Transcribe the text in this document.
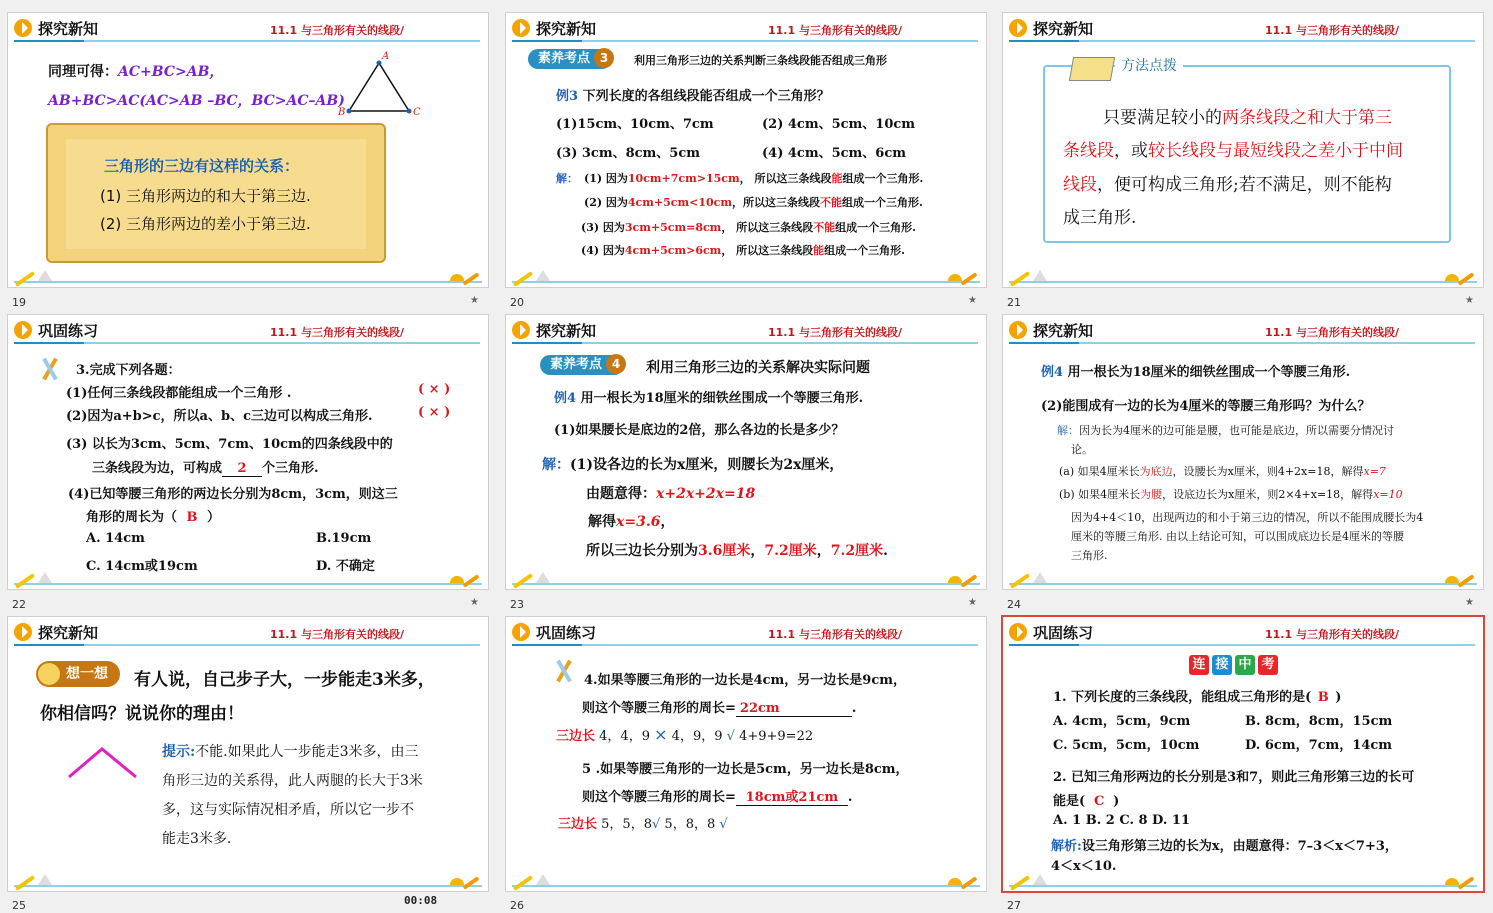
探究新知	11.1 与三角形有关的线段/
同理可得：AC+BC>AB，
AB+BC>AC(AC>AB –BC，BC>AC–AB)
A
B	C
三角形的三边有这样的关系：
(1) 三角形两边的和大于第三边.
(2) 三角形两边的差小于第三边.
19	★
探究新知	11.1 与三角形有关的线段/
素养考点 3	利用三角形三边的关系判断三条线段能否组成三角形
例3 下列长度的各组线段能否组成一个三角形？
(1)15cm、10cm、7cm	(2) 4cm、5cm、10cm
(3) 3cm、8cm、5cm	(4) 4cm、5cm、6cm
解： (1) 因为10cm+7cm>15cm， 所以这三条线段能组成一个三角形.
(2) 因为4cm+5cm<10cm，所以这三条线段不能组成一个三角形.
(3) 因为3cm+5cm=8cm， 所以这三条线段不能组成一个三角形.
(4) 因为4cm+5cm>6cm， 所以这三条线段能组成一个三角形.
20	★
探究新知	11.1 与三角形有关的线段/
方法点拨
只要满足较小的两条线段之和大于第三
条线段，或较长线段与最短线段之差小于中间
线段，便可构成三角形;若不满足，则不能构
成三角形.
21	★
巩固练习	11.1 与三角形有关的线段/
3.完成下列各题：
(1)任何三条线段都能组成一个三角形 .	( × )
(2)因为a+b>c，所以a、b、c三边可以构成三角形.	( × )
(3) 以长为3cm、5cm、7cm、10cm的四条线段中的
三条线段为边，可构成 2 个三角形.
(4)已知等腰三角形的两边长分别为8cm，3cm，则这三
角形的周长为（ B ）
A. 14cm	B.19cm
C. 14cm或19cm	D. 不确定
22	★
探究新知	11.1 与三角形有关的线段/
素养考点 4	利用三角形三边的关系解决实际问题
例4 用一根长为18厘米的细铁丝围成一个等腰三角形.
(1)如果腰长是底边的2倍，那么各边的长是多少？
解：(1)设各边的长为x厘米，则腰长为2x厘米，
由题意得：x+2x+2x=18
解得x=3.6，
所以三边长分别为3.6厘米，7.2厘米，7.2厘米.
23	★
探究新知	11.1 与三角形有关的线段/
例4 用一根长为18厘米的细铁丝围成一个等腰三角形.
(2)能围成有一边的长为4厘米的等腰三角形吗？为什么？
解：因为长为4厘米的边可能是腰，也可能是底边，所以需要分情况讨
论。
(a) 如果4厘米长为底边，设腰长为x厘米，则4+2x=18，解得x=7
(b) 如果4厘米长为腰，设底边长为x厘米，则2×4+x=18，解得x=10
因为4+4＜10，出现两边的和小于第三边的情况，所以不能围成腰长为4
厘米的等腰三角形. 由以上结论可知，可以围成底边长是4厘米的等腰
三角形.
24	★
探究新知	11.1 与三角形有关的线段/
想一想	有人说，自己步子大，一步能走3米多，
你相信吗？说说你的理由！
提示:不能.如果此人一步能走3米多，由三
角形三边的关系得，此人两腿的长大于3米
多，这与实际情况相矛盾，所以它一步不
能走3米多.
25	00:08
巩固练习	11.1 与三角形有关的线段/
4.如果等腰三角形的一边长是4cm，另一边长是9cm，
则这个等腰三角形的周长= 22cm	.
三边长 4，4，9 × 4，9，9 √ 4+9+9=22
5 .如果等腰三角形的一边长是5cm，另一边长是8cm，
则这个等腰三角形的周长= 18cm或21cm .
三边长 5，5，8√ 5，8，8 √
26
巩固练习	11.1 与三角形有关的线段/
连 接 中 考
1. 下列长度的三条线段，能组成三角形的是( B )
A. 4cm，5cm，9cm	B. 8cm，8cm，15cm
C. 5cm，5cm，10cm	D. 6cm，7cm，14cm
2. 已知三角形两边的长分别是3和7，则此三角形第三边的长可
能是( C )
A. 1 B. 2 C. 8 D. 11
解析:设三角形第三边的长为x，由题意得：7–3＜x＜7+3，
4＜x＜10.
27
